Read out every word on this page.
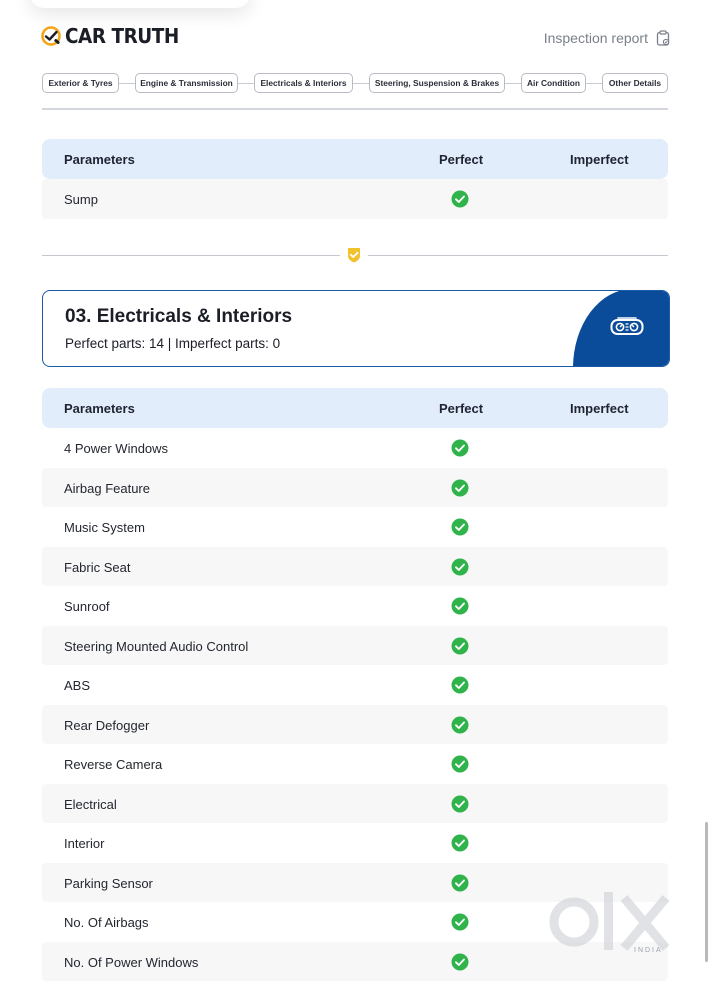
CAR TRUTH	Inspection report
Exterior & Tyres	Engine & Transmission	Electricals & Interiors	Steering, Suspension & Brakes	Air Condition	Other Details
Parameters	Perfect	Imperfect
Sump
03. Electricals & Interiors
Perfect parts: 14 | Imperfect parts: 0
Parameters	Perfect	Imperfect
4 Power Windows
Airbag Feature
Music System
Fabric Seat
Sunroof
Steering Mounted Audio Control
ABS
Rear Defogger
Reverse Camera
Electrical
Interior
Parking Sensor
No. Of Airbags
No. Of Power Windows
INDIA
